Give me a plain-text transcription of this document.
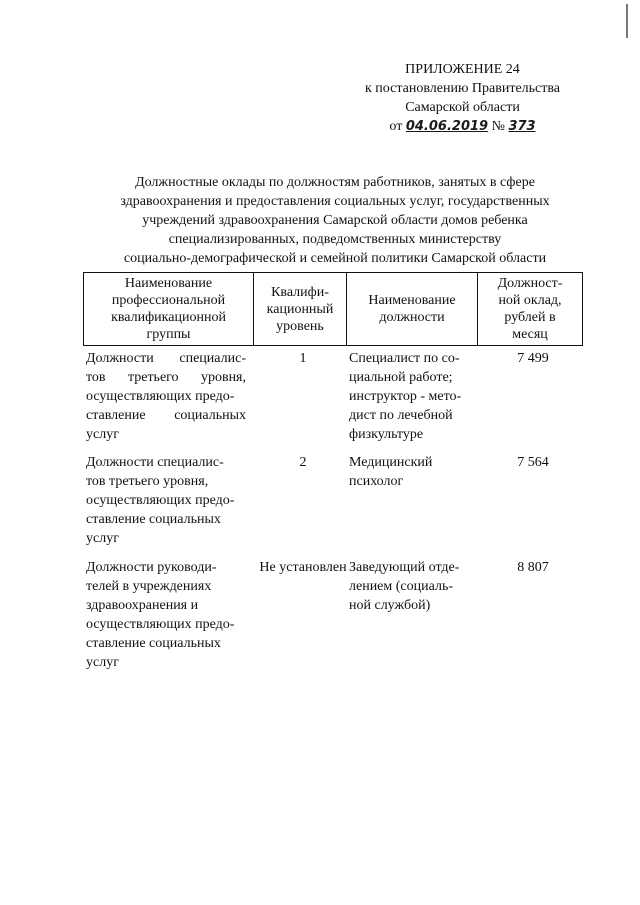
ПРИЛОЖЕНИЕ 24
к постановлению Правительства
Самарской области
от 04.06.2019 № 373
Должностные оклады по должностям работников, занятых в сфере
здравоохранения и предоставления социальных услуг, государственных
учреждений здравоохранения Самарской области домов ребенка
специализированных, подведомственных министерству
социально-демографической и семейной политики Самарской области
Наименование
профессиональной
квалификационной
группы
Квалифи-
кационный
уровень
Наименование
должности
Должност-
ной оклад,
рублей в
месяц
Должности специалис-
тов третьего уровня,
осуществляющих предо-
ставление социальных
услуг
1	Специалист по со-
циальной работе;
инструктор - мето-
дист по лечебной
физкультуре
7 499
Должности специалис-
тов третьего уровня,
осуществляющих предо-
ставление социальных
услуг
2	Медицинский
психолог
7 564
Должности руководи-
телей в учреждениях
здравоохранения и
осуществляющих предо-
ставление социальных
услуг
Не установлен Заведующий отде-
лением (социаль-
ной службой)
8 807
